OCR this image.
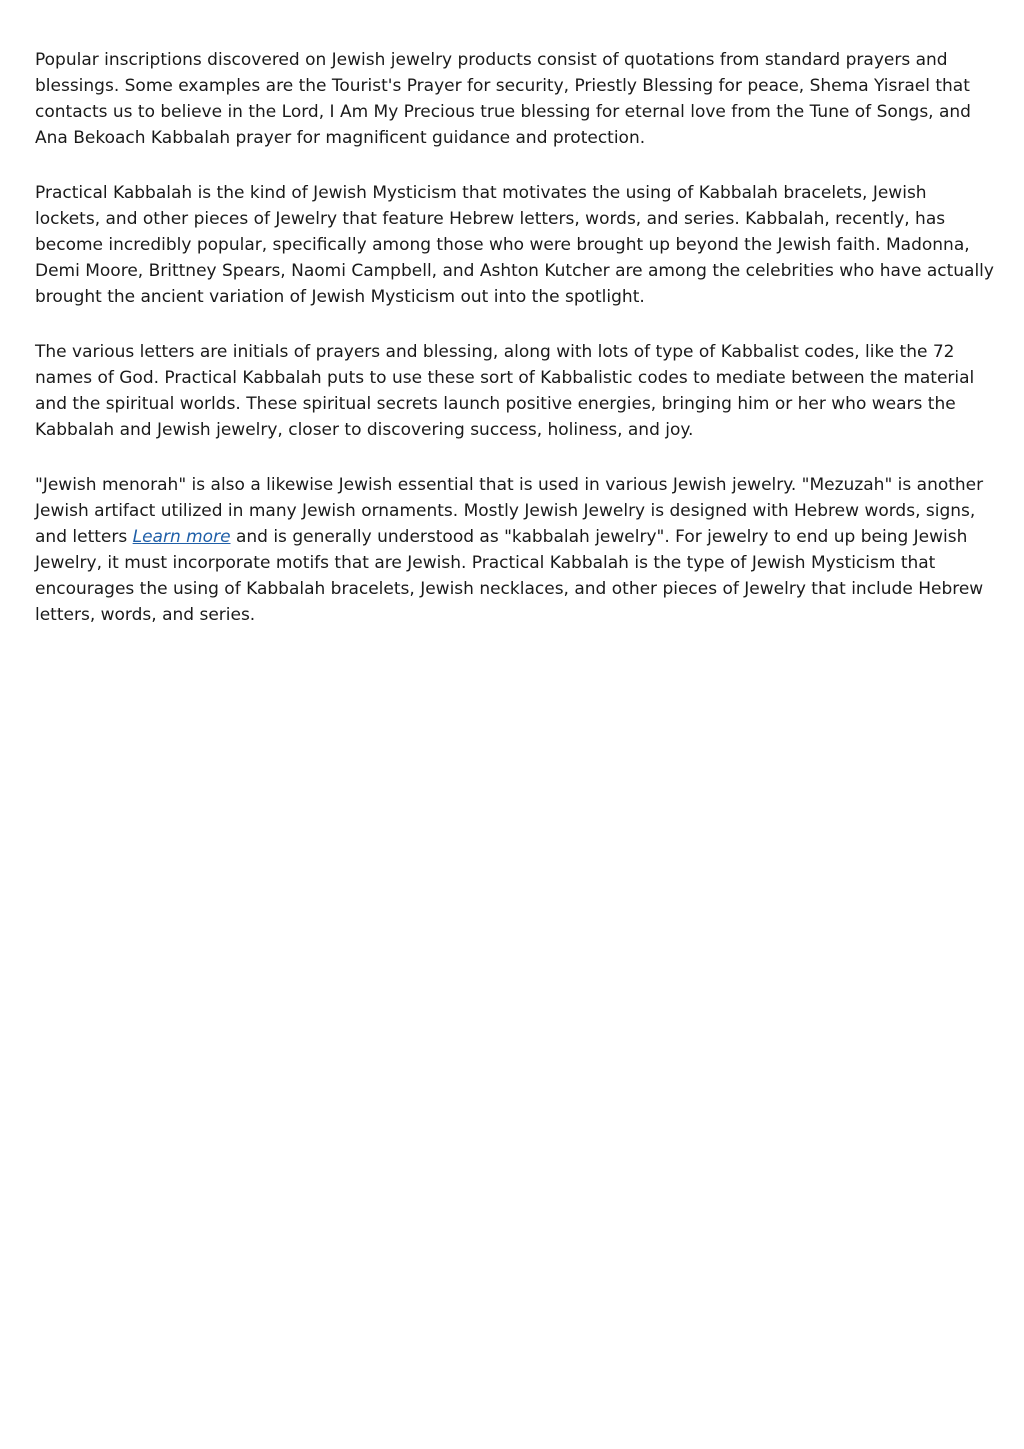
Popular inscriptions discovered on Jewish jewelry products consist of quotations from standard prayers and blessings. Some examples are the Tourist's Prayer for security, Priestly Blessing for peace, Shema Yisrael that contacts us to believe in the Lord, I Am My Precious true blessing for eternal love from the Tune of Songs, and Ana Bekoach Kabbalah prayer for magnificent guidance and protection.

Practical Kabbalah is the kind of Jewish Mysticism that motivates the using of Kabbalah bracelets, Jewish lockets, and other pieces of Jewelry that feature Hebrew letters, words, and series. Kabbalah, recently, has become incredibly popular, specifically among those who were brought up beyond the Jewish faith. Madonna, Demi Moore, Brittney Spears, Naomi Campbell, and Ashton Kutcher are among the celebrities who have actually brought the ancient variation of Jewish Mysticism out into the spotlight.

The various letters are initials of prayers and blessing, along with lots of type of Kabbalist codes, like the 72 names of God. Practical Kabbalah puts to use these sort of Kabbalistic codes to mediate between the material and the spiritual worlds. These spiritual secrets launch positive energies, bringing him or her who wears the Kabbalah and Jewish jewelry, closer to discovering success, holiness, and joy.

"Jewish menorah" is also a likewise Jewish essential that is used in various Jewish jewelry. "Mezuzah" is another Jewish artifact utilized in many Jewish ornaments. Mostly Jewish Jewelry is designed with Hebrew words, signs, and letters Learn more and is generally understood as "kabbalah jewelry". For jewelry to end up being Jewish Jewelry, it must incorporate motifs that are Jewish. Practical Kabbalah is the type of Jewish Mysticism that encourages the using of Kabbalah bracelets, Jewish necklaces, and other pieces of Jewelry that include Hebrew letters, words, and series.
